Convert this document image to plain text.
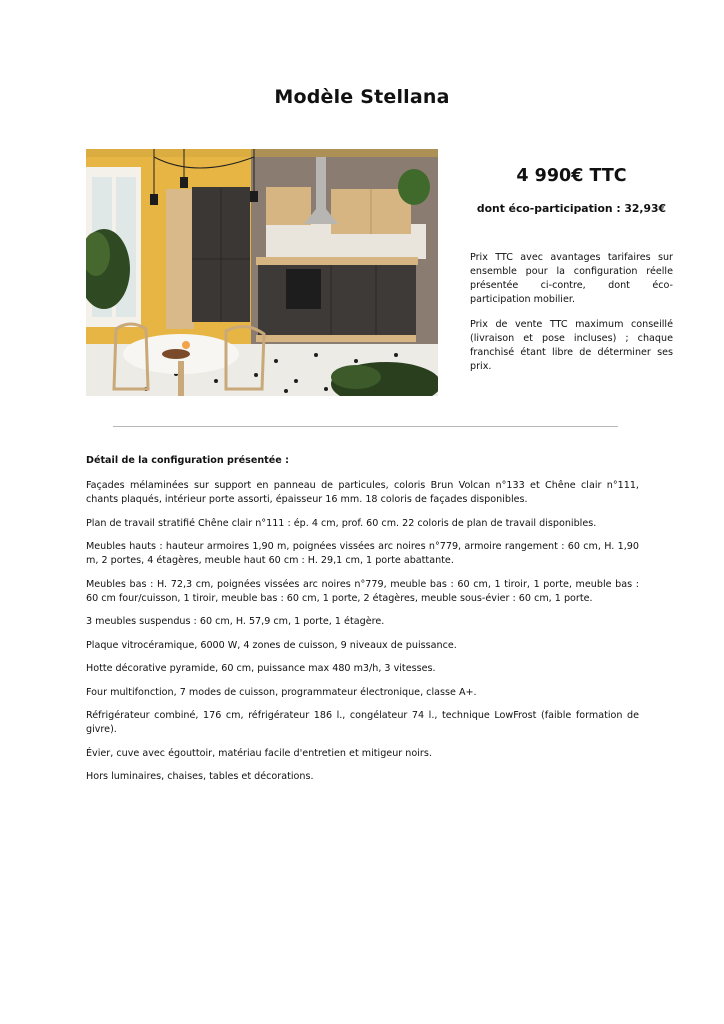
Modèle Stellana
4 990€ TTC
dont éco-participation : 32,93€

Prix TTC avec avantages tarifaires sur ensemble pour la configuration réelle présentée ci-contre, dont éco-participation mobilier.

Prix de vente TTC maximum conseillé (livraison et pose incluses) ; chaque franchisé étant libre de déterminer ses prix.

Détail de la configuration présentée :

Façades mélaminées sur support en panneau de particules, coloris Brun Volcan n°133 et Chêne clair n°111, chants plaqués, intérieur porte assorti, épaisseur 16 mm. 18 coloris de façades disponibles.

Plan de travail stratifié Chêne clair n°111 : ép. 4 cm, prof. 60 cm. 22 coloris de plan de travail disponibles.

Meubles hauts : hauteur armoires 1,90 m, poignées vissées arc noires n°779, armoire rangement : 60 cm, H. 1,90 m, 2 portes, 4 étagères, meuble haut 60 cm : H. 29,1 cm, 1 porte abattante.

Meubles bas : H. 72,3 cm, poignées vissées arc noires n°779, meuble bas : 60 cm, 1 tiroir, 1 porte, meuble bas : 60 cm four/cuisson, 1 tiroir, meuble bas : 60 cm, 1 porte, 2 étagères, meuble sous-évier : 60 cm, 1 porte.

3 meubles suspendus : 60 cm, H. 57,9 cm, 1 porte, 1 étagère.

Plaque vitrocéramique, 6000 W, 4 zones de cuisson, 9 niveaux de puissance.

Hotte décorative pyramide, 60 cm, puissance max 480 m3/h, 3 vitesses.

Four multifonction, 7 modes de cuisson, programmateur électronique, classe A+.

Réfrigérateur combiné, 176 cm, réfrigérateur 186 l., congélateur 74 l., technique LowFrost (faible formation de givre).

Évier, cuve avec égouttoir, matériau facile d'entretien et mitigeur noirs.

Hors luminaires, chaises, tables et décorations.
